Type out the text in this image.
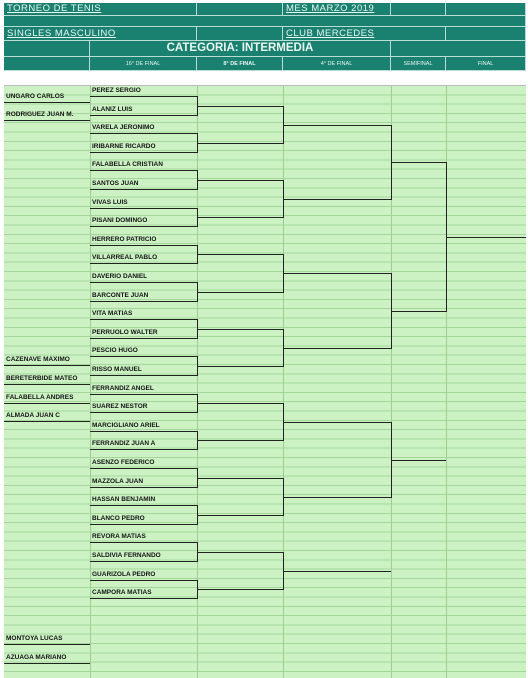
TORNEO DE TENIS	MES MARZO 2019
SINGLES MASCULINO	CLUB MERCEDES
CATEGORIA: INTERMEDIA
16° DE FINAL	8° DE FINAL	4° DE FINAL	SEMIFINAL	FINAL
PEREZ SERGIO
ALANIZ LUIS
VARELA JERONIMO
IRIBARNE RICARDO
FALABELLA CRISTIAN
SANTOS JUAN
VIVAS LUIS
PISANI DOMINGO
HERRERO PATRICIO
VILLARREAL PABLO
DAVERIO DANIEL
BARCONTE JUAN
VITA MATIAS
PERRUOLO WALTER
PESCIO HUGO
RISSO MANUEL
FERRANDIZ ANGEL
SUAREZ NESTOR
MARCIGLIANO ARIEL
FERRANDIZ JUAN A
ASENZO FEDERICO
MAZZOLA JUAN
HASSAN BENJAMIN
BLANCO PEDRO
REVORA MATIAS
SALDIVIA FERNANDO
GUARIZOLA PEDRO
CAMPORA MATIAS
UNGARO CARLOS
RODRIGUEZ JUAN M.
CAZENAVE MAXIMO
BERETERBIDE MATEO
FALABELLA ANDRES
ALMADA JUAN C
MONTOYA LUCAS
AZUAGA MARIANO
